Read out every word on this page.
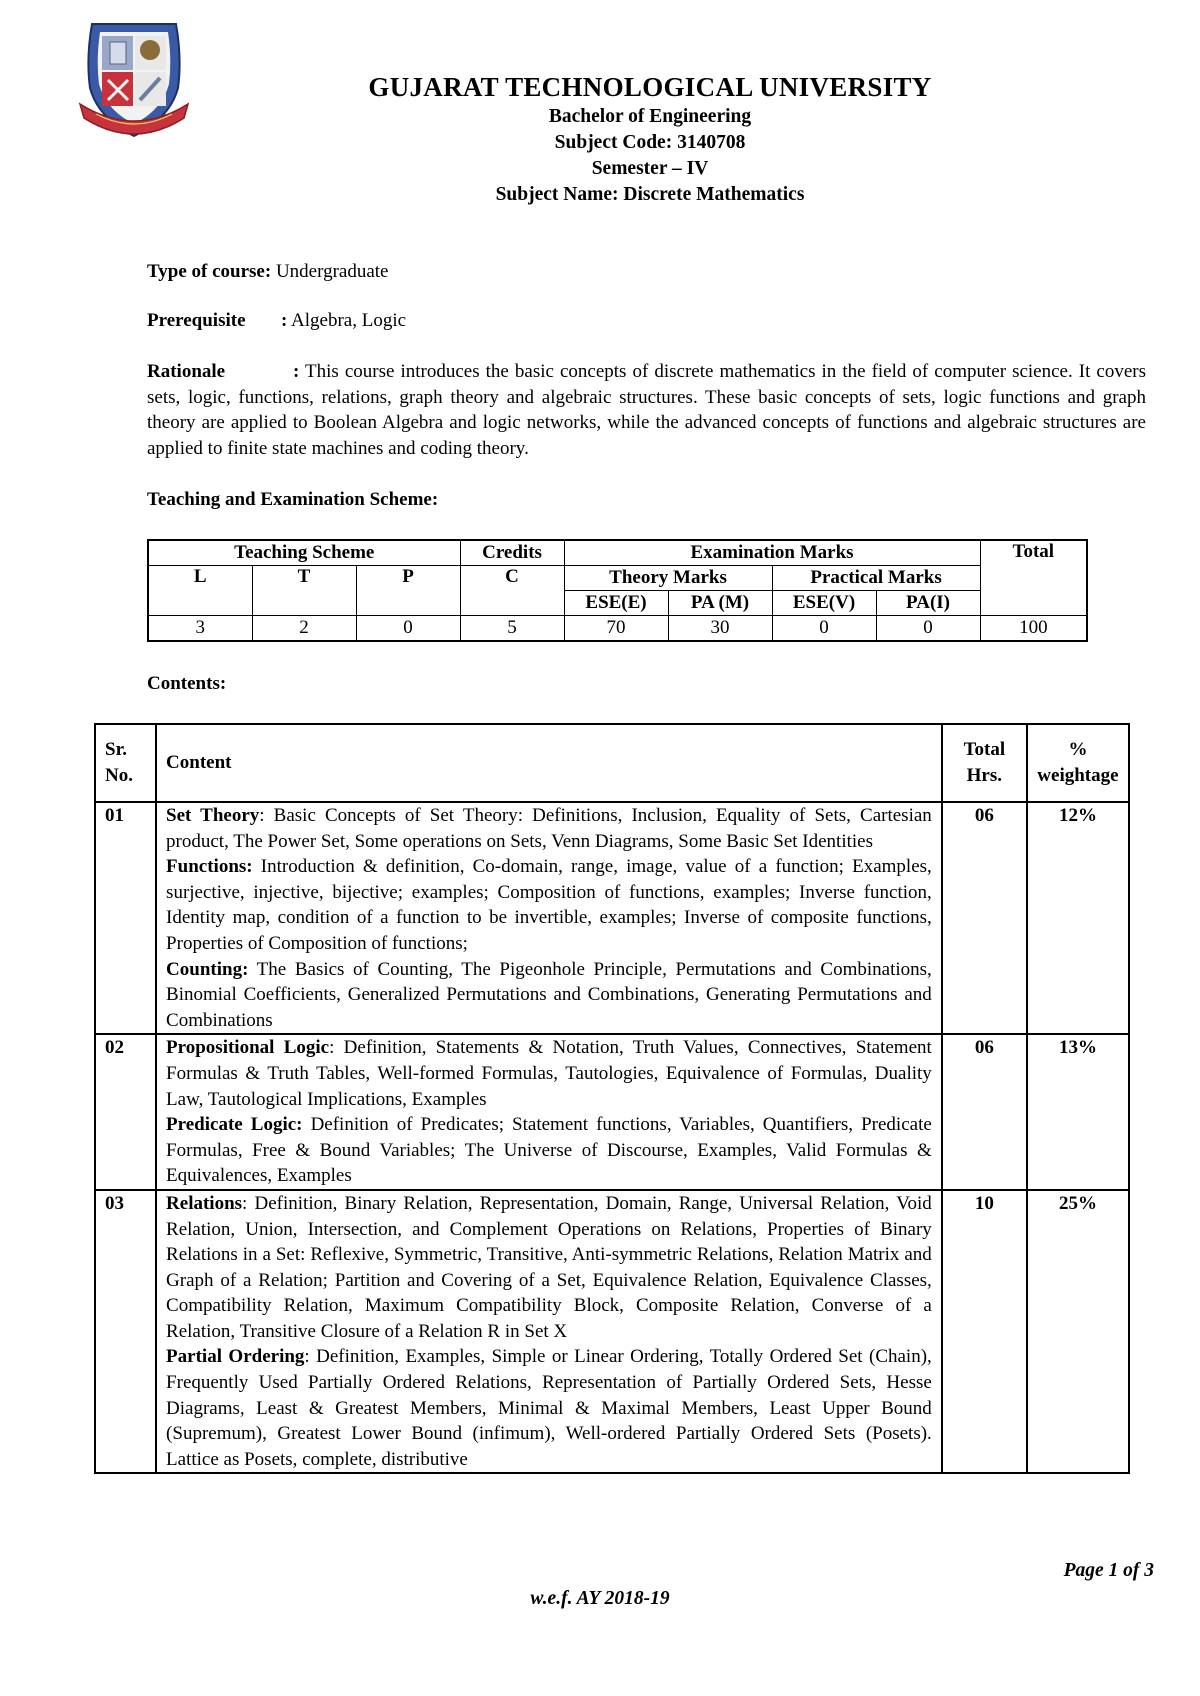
GUJARAT TECHNOLOGICAL UNIVERSITY
Bachelor of Engineering
Subject Code: 3140708
Semester – IV
Subject Name: Discrete Mathematics
Type of course: Undergraduate
Prerequisite : Algebra, Logic
Rationale	: This course introduces the basic concepts of discrete mathematics in the field of computer science. It covers sets, logic, functions, relations, graph theory and algebraic structures. These basic concepts of sets, logic functions and graph theory are applied to Boolean Algebra and logic networks, while the advanced concepts of functions and algebraic structures are applied to finite state machines and coding theory.
Teaching and Examination Scheme:
Teaching Scheme			Credits	Examination Marks				Total
L	T	P	C	Theory Marks		Practical Marks		
				ESE(E)	PA (M)	ESE(V)	PA(I)	
3	2	0	5	70	30	0	0	100
Contents:
Sr. No.	Content	Total Hrs.	% weightage
01	Set Theory: Basic Concepts of Set Theory: Definitions, Inclusion, Equality of Sets, Cartesian product, The Power Set, Some operations on Sets, Venn Diagrams, Some Basic Set Identities
Functions: Introduction & definition, Co-domain, range, image, value of a function; Examples, surjective, injective, bijective; examples; Composition of functions, examples; Inverse function, Identity map, condition of a function to be invertible, examples; Inverse of composite functions, Properties of Composition of functions;
Counting: The Basics of Counting, The Pigeonhole Principle, Permutations and Combinations, Binomial Coefficients, Generalized Permutations and Combinations, Generating Permutations and Combinations	06	12%
02	Propositional Logic: Definition, Statements & Notation, Truth Values, Connectives, Statement Formulas & Truth Tables, Well-formed Formulas, Tautologies, Equivalence of Formulas, Duality Law, Tautological Implications, Examples
Predicate Logic: Definition of Predicates; Statement functions, Variables, Quantifiers, Predicate Formulas, Free & Bound Variables; The Universe of Discourse, Examples, Valid Formulas & Equivalences, Examples	06	13%
03	Relations: Definition, Binary Relation, Representation, Domain, Range, Universal Relation, Void Relation, Union, Intersection, and Complement Operations on Relations, Properties of Binary Relations in a Set: Reflexive, Symmetric, Transitive, Anti-symmetric Relations, Relation Matrix and Graph of a Relation; Partition and Covering of a Set, Equivalence Relation, Equivalence Classes, Compatibility Relation, Maximum Compatibility Block, Composite Relation, Converse of a Relation, Transitive Closure of a Relation R in Set X
Partial Ordering: Definition, Examples, Simple or Linear Ordering, Totally Ordered Set (Chain), Frequently Used Partially Ordered Relations, Representation of Partially Ordered Sets, Hesse Diagrams, Least & Greatest Members, Minimal & Maximal Members, Least Upper Bound (Supremum), Greatest Lower Bound (infimum), Well-ordered Partially Ordered Sets (Posets). Lattice as Posets, complete, distributive	10	25%
Page 1 of 3
w.e.f. AY 2018-19
